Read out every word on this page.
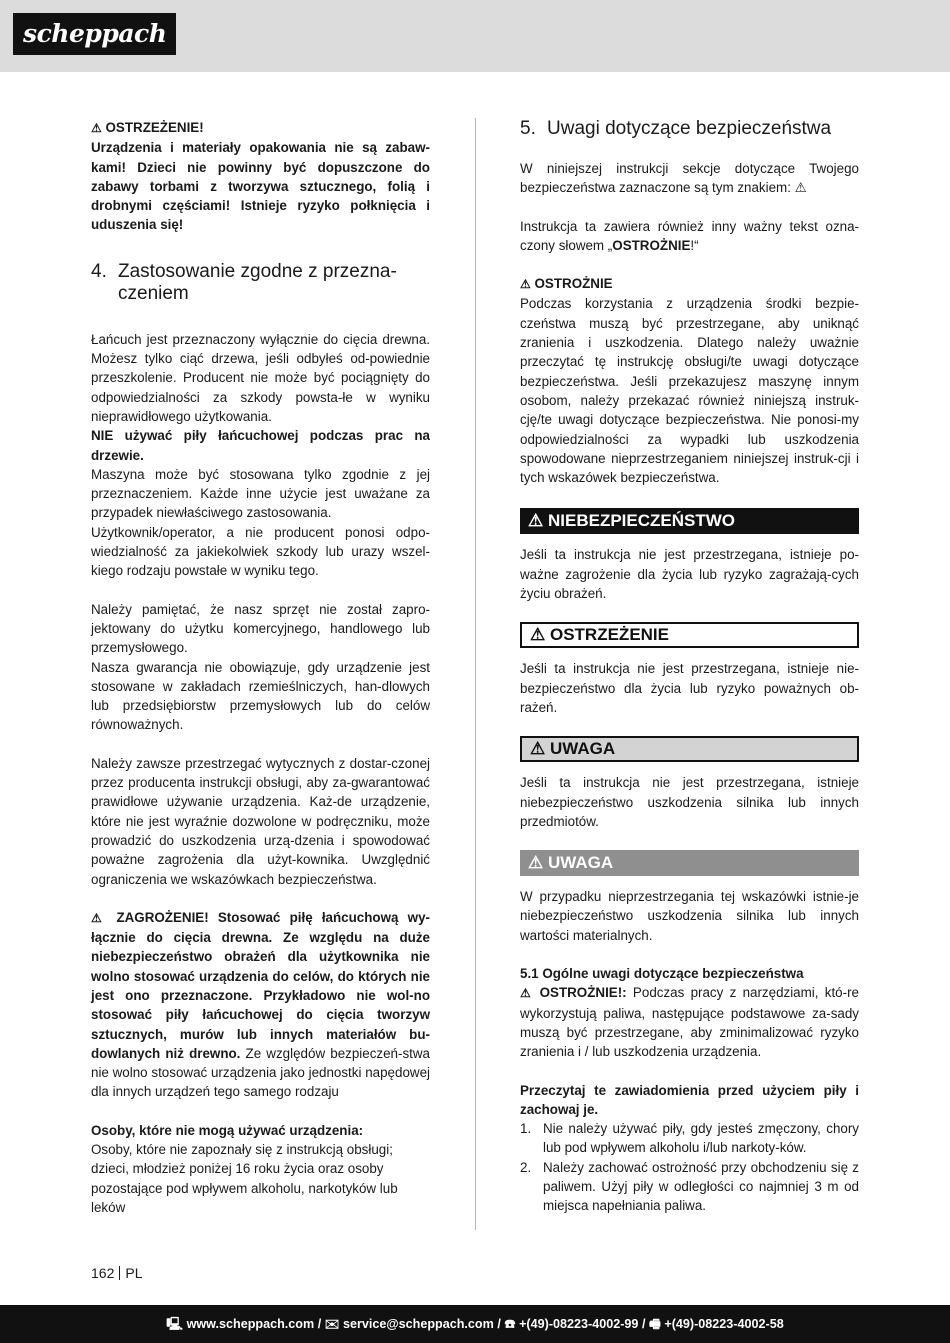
scheppach

⚠ OSTRZEŻENIE!

Urządzenia i materiały opakowania nie są zabaw-kami! Dzieci nie powinny być dopuszczone do zabawy torbami z tworzywa sztucznego, folią i drobnymi częściami! Istnieje ryzyko połknięcia i uduszenia się!

4. Zastosowanie zgodne z przezna-czeniem

Łańcuch jest przeznaczony wyłącznie do cięcia drewna. Możesz tylko ciąć drzewa, jeśli odbyłeś od-powiednie przeszkolenie. Producent nie może być pociągnięty do odpowiedzialności za szkody powsta-łe w wyniku nieprawidłowego użytkowania.

NIE używać piły łańcuchowej podczas prac na drzewie.

Maszyna może być stosowana tylko zgodnie z jej przeznaczeniem. Każde inne użycie jest uważane za przypadek niewłaściwego zastosowania.

Użytkownik/operator, a nie producent ponosi odpo-wiedzialność za jakiekolwiek szkody lub urazy wszel-kiego rodzaju powstałe w wyniku tego.

Należy pamiętać, że nasz sprzęt nie został zapro-jektowany do użytku komercyjnego, handlowego lub przemysłowego.

Nasza gwarancja nie obowiązuje, gdy urządzenie jest stosowane w zakładach rzemieślniczych, han-dlowych lub przedsiębiorstw przemysłowych lub do celów równoważnych.

Należy zawsze przestrzegać wytycznych z dostar-czonej przez producenta instrukcji obsługi, aby za-gwarantować prawidłowe używanie urządzenia. Każ-de urządzenie, które nie jest wyraźnie dozwolone w podręczniku, może prowadzić do uszkodzenia urzą-dzenia i spowodować poważne zagrożenia dla użyt-kownika. Uwzględnić ograniczenia we wskazówkach bezpieczeństwa.

⚠ ZAGROŻENIE! Stosować piłę łańcuchową wy-łącznie do cięcia drewna. Ze względu na duże niebezpieczeństwo obrażeń dla użytkownika nie wolno stosować urządzenia do celów, do których nie jest ono przeznaczone. Przykładowo nie wol-no stosować piły łańcuchowej do cięcia tworzyw sztucznych, murów lub innych materiałów bu-dowlanych niż drewno. Ze względów bezpieczeń-stwa nie wolno stosować urządzenia jako jednostki napędowej dla innych urządzeń tego samego rodzaju

Osoby, które nie mogą używać urządzenia:

Osoby, które nie zapoznały się z instrukcją obsługi; dzieci, młodzież poniżej 16 roku życia oraz osoby pozostające pod wpływem alkoholu, narkotyków lub leków

5. Uwagi dotyczące bezpieczeństwa

W niniejszej instrukcji sekcje dotyczące Twojego bezpieczeństwa zaznaczone są tym znakiem: ⚠

Instrukcja ta zawiera również inny ważny tekst ozna-czony słowem „OSTROŻNIE!“

⚠ OSTROŻNIE

Podczas korzystania z urządzenia środki bezpie-czeństwa muszą być przestrzegane, aby uniknąć zranienia i uszkodzenia. Dlatego należy uważnie przeczytać tę instrukcję obsługi/te uwagi dotyczące bezpieczeństwa. Jeśli przekazujesz maszynę innym osobom, należy przekazać również niniejszą instruk-cję/te uwagi dotyczące bezpieczeństwa. Nie ponosi-my odpowiedzialności za wypadki lub uszkodzenia spowodowane nieprzestrzeganiem niniejszej instruk-cji i tych wskazówek bezpieczeństwa.

⚠ NIEBEZPIECZEŃSTWO

Jeśli ta instrukcja nie jest przestrzegana, istnieje po-ważne zagrożenie dla życia lub ryzyko zagrażają-cych życiu obrażeń.

⚠ OSTRZEŻENIE

Jeśli ta instrukcja nie jest przestrzegana, istnieje nie-bezpieczeństwo dla życia lub ryzyko poważnych ob-rażeń.

⚠ UWAGA

Jeśli ta instrukcja nie jest przestrzegana, istnieje niebezpieczeństwo uszkodzenia silnika lub innych przedmiotów.

⚠ UWAGA

W przypadku nieprzestrzegania tej wskazówki istnie-je niebezpieczeństwo uszkodzenia silnika lub innych wartości materialnych.

5.1 Ogólne uwagi dotyczące bezpieczeństwa

⚠ OSTROŻNIE!: Podczas pracy z narzędziami, któ-re wykorzystują paliwa, następujące podstawowe za-sady muszą być przestrzegane, aby zminimalizować ryzyko zranienia i / lub uszkodzenia urządzenia.

Przeczytaj te zawiadomienia przed użyciem piły i zachowaj je.

1. Nie należy używać piły, gdy jesteś zmęczony, chory lub pod wpływem alkoholu i/lub narkoty-ków.
2. Należy zachować ostrożność przy obchodzeniu się z paliwem. Użyj piły w odległości co najmniej 3 m od miejsca napełniania paliwa.
162 PL
🖳 www.scheppach.com / ✉ service@scheppach.com / ☎ +(49)-08223-4002-99 / 🖷 +(49)-08223-4002-58
